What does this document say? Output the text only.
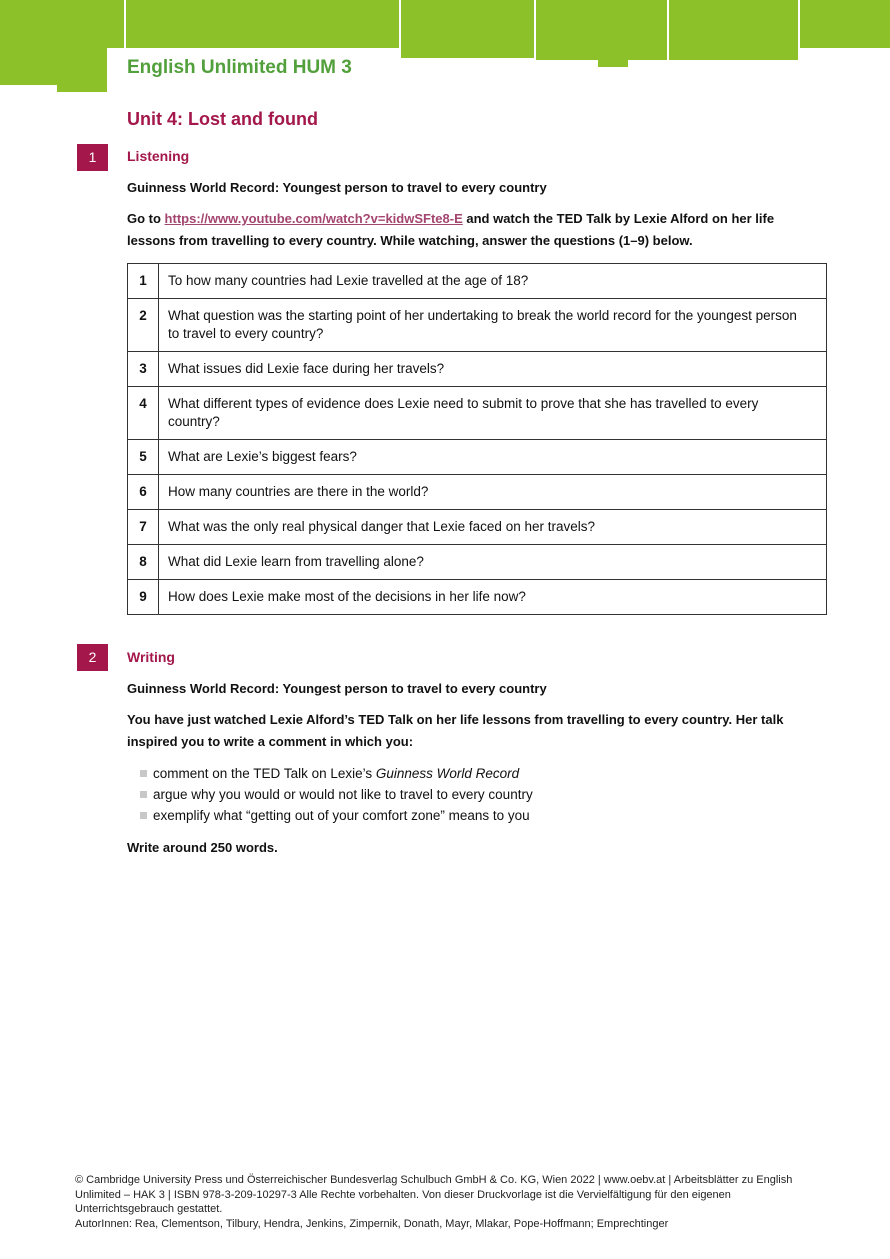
English Unlimited HUM 3
Unit 4: Lost and found
1	Listening
Guinness World Record: Youngest person to travel to every country

Go to https://www.youtube.com/watch?v=kidwSFte8-E and watch the TED Talk by Lexie Alford on her life lessons from travelling to every country. While watching, answer the questions (1–9) below.

1	To how many countries had Lexie travelled at the age of 18?
2	What question was the starting point of her undertaking to break the world record for the youngest person to travel to every country?
3	What issues did Lexie face during her travels?
4	What different types of evidence does Lexie need to submit to prove that she has travelled to every country?
5	What are Lexie’s biggest fears?
6	How many countries are there in the world?
7	What was the only real physical danger that Lexie faced on her travels?
8	What did Lexie learn from travelling alone?
9	How does Lexie make most of the decisions in her life now?
2	Writing
Guinness World Record: Youngest person to travel to every country

You have just watched Lexie Alford’s TED Talk on her life lessons from travelling to every country. Her talk inspired you to write a comment in which you:

comment on the TED Talk on Lexie’s Guinness World Record
argue why you would or would not like to travel to every country
exemplify what “getting out of your comfort zone” means to you

Write around 250 words.

© Cambridge University Press und Österreichischer Bundesverlag Schulbuch GmbH & Co. KG, Wien 2022 | www.oebv.at | Arbeitsblätter zu English
Unlimited – HAK 3 | ISBN 978-3-209-10297-3 Alle Rechte vorbehalten. Von dieser Druckvorlage ist die Vervielfältigung für den eigenen
Unterrichtsgebrauch gestattet.
AutorInnen: Rea, Clementson, Tilbury, Hendra, Jenkins, Zimpernik, Donath, Mayr, Mlakar, Pope-Hoffmann; Emprechtinger
